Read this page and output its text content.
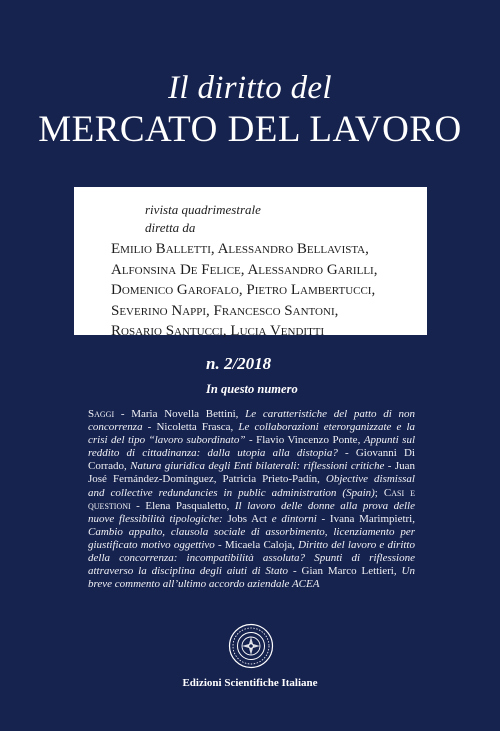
Il diritto del
MERCATO DEL LAVORO
rivista quadrimestrale
diretta da
Emilio Balletti, Alessandro Bellavista,
Alfonsina De Felice, Alessandro Garilli,
Domenico Garofalo, Pietro Lambertucci,
Severino Nappi, Francesco Santoni,
Rosario Santucci, Lucia Venditti
n. 2/2018
In questo numero
Saggi - Maria Novella Bettini, Le caratteristiche del patto di non concorrenza - Nicoletta Frasca, Le collaborazioni eterorganizzate e la crisi del tipo “lavoro subordinato” - Flavio Vincenzo Ponte, Appunti sul reddito di cittadinanza: dalla utopia alla distopia? - Giovanni Di Corrado, Natura giuridica degli Enti bilaterali: riflessioni critiche - Juan José Fernández-Domínguez, Patricia Prieto-Padín, Objective dismissal and collective redundancies in public administration (Spain); Casi e questioni - Elena Pasqualetto, Il lavoro delle donne alla prova delle nuove flessibilità tipologiche: Jobs Act e dintorni - Ivana Marimpietri, Cambio appalto, clausola sociale di assorbimento, licenziamento per giustificato motivo oggettivo - Micaela Caloja, Diritto del lavoro e diritto della concorrenza: incompatibilità assoluta? Spunti di riflessione attraverso la disciplina degli aiuti di Stato - Gian Marco Lettieri, Un breve commento all’ultimo accordo aziendale ACEA
Edizioni Scientifiche Italiane
